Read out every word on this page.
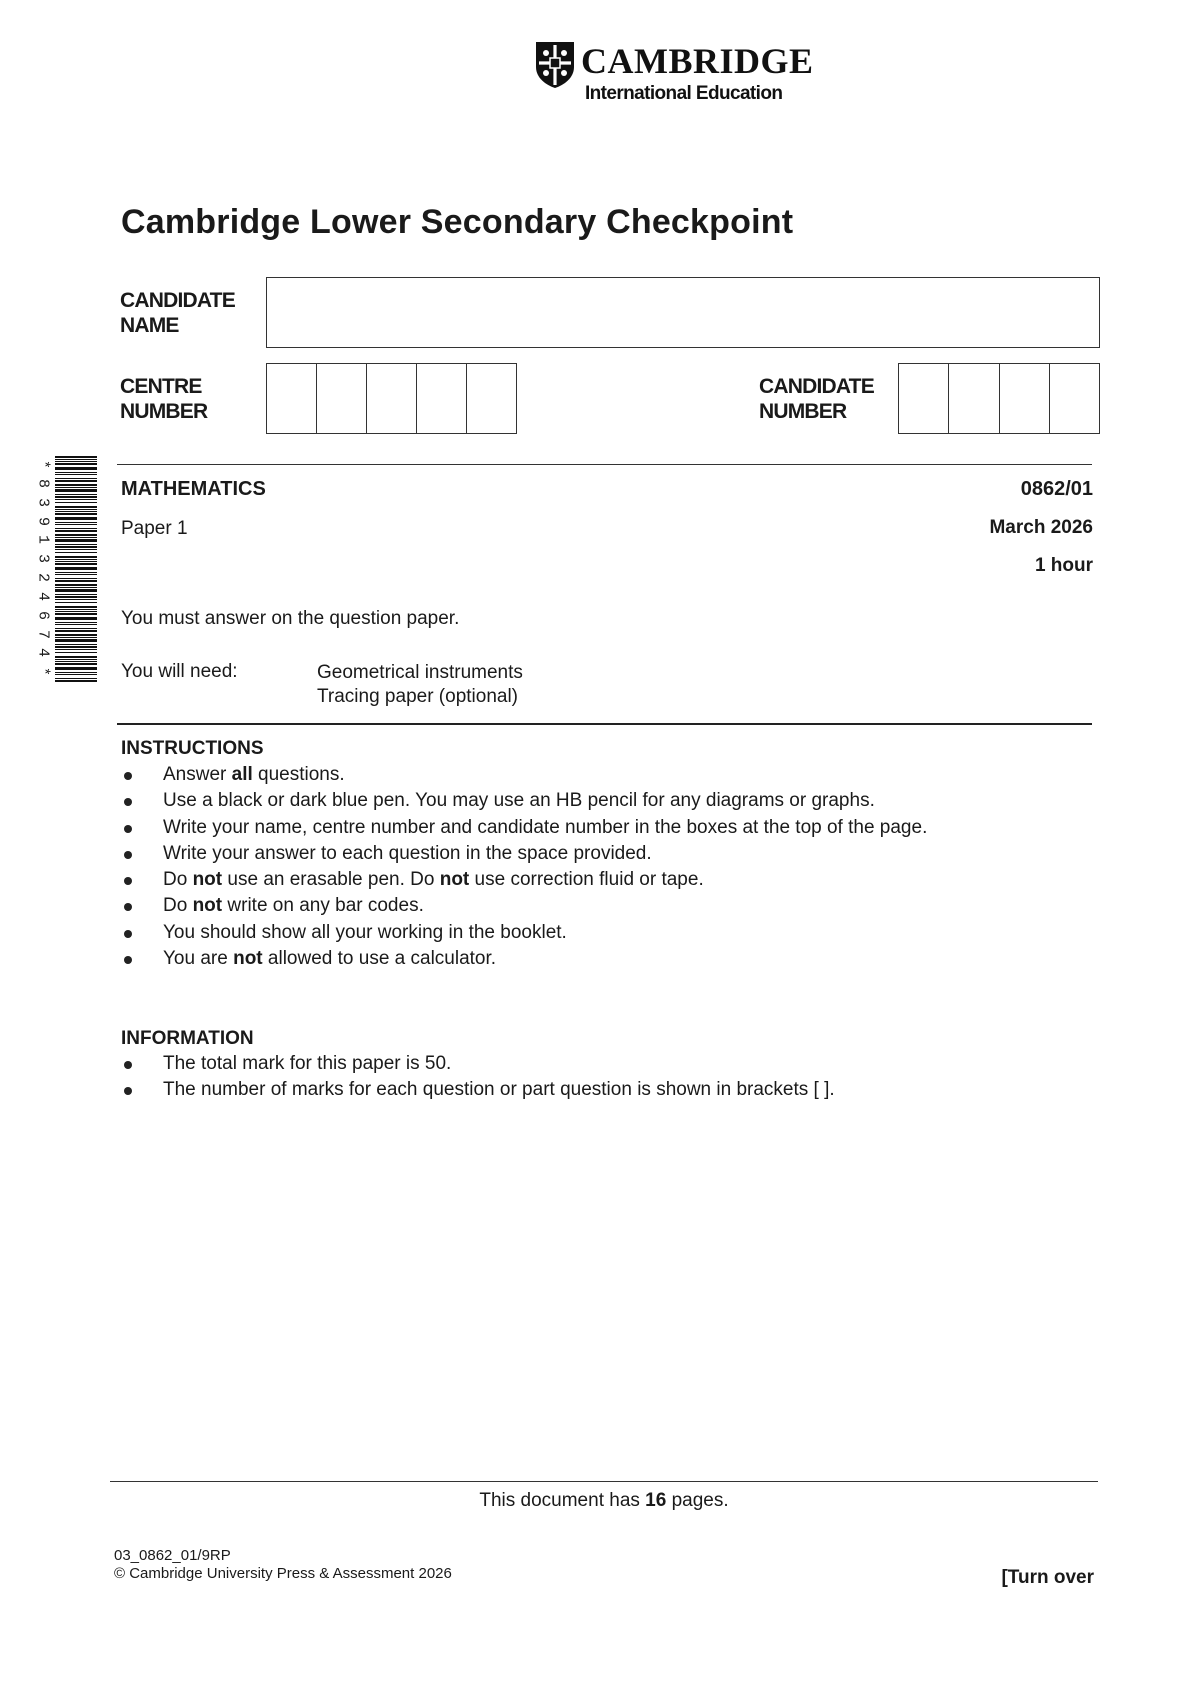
CAMBRIDGE
International Education
Cambridge Lower Secondary Checkpoint
CANDIDATE
NAME
CENTRE
NUMBER
CANDIDATE
NUMBER
*
8
3
9
1
3
2
4
6
7
4
*
MATHEMATICS	0862/01
Paper 1	March 2026
1 hour
You must answer on the question paper.
You will need:	Geometrical instruments
Tracing paper (optional)
INSTRUCTIONS
Answer all questions.
Use a black or dark blue pen. You may use an HB pencil for any diagrams or graphs.
Write your name, centre number and candidate number in the boxes at the top of the page.
Write your answer to each question in the space provided.
Do not use an erasable pen. Do not use correction fluid or tape.
Do not write on any bar codes.
You should show all your working in the booklet.
You are not allowed to use a calculator.
INFORMATION
The total mark for this paper is 50.
The number of marks for each question or part question is shown in brackets [ ].
This document has 16 pages.
03_0862_01/9RP
© Cambridge University Press & Assessment 2026	[Turn over
